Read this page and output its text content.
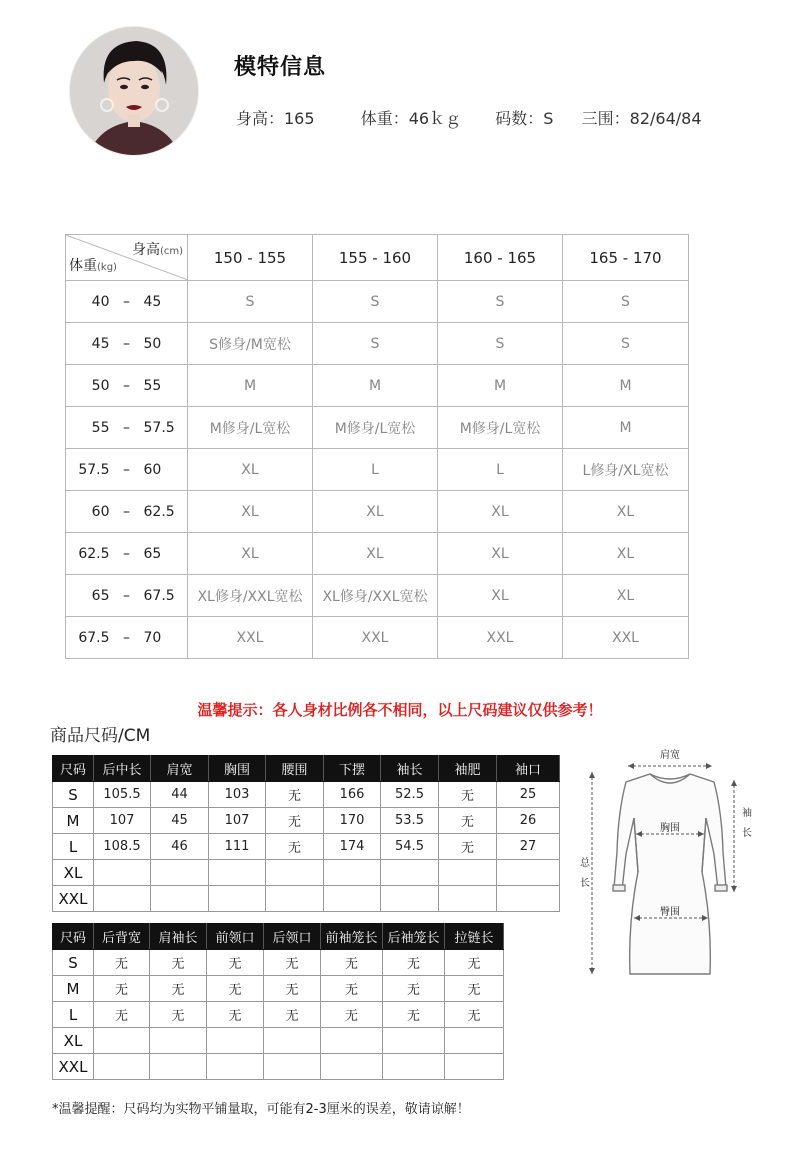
模特信息
身高：165	体重：46ｋｇ 码数：S 三围：82/64/84
身高(cm)
体重(kg)	150 - 155	155 - 160	160 - 165	165 - 170
40 – 45	S	S	S	S
45 – 50	S修身/M宽松	S	S	S
50 – 55	M	M	M	M
55 – 57.5	M修身/L宽松	M修身/L宽松	M修身/L宽松	M
57.5 – 60	XL	L	L	L修身/XL宽松
60 – 62.5	XL	XL	XL	XL
62.5 – 65	XL	XL	XL	XL
65 – 67.5	XL修身/XXL宽松	XL修身/XXL宽松	XL	XL
67.5 – 70	XXL	XXL	XXL	XXL
温馨提示：各人身材比例各不相同，以上尺码建议仅供参考！
商品尺码/CM
尺码	后中长	肩宽	胸围	腰围	下摆	袖长	袖肥	袖口
S	105.5	44	103	无	166	52.5	无	25
M	107	45	107	无	170	53.5	无	26
L	108.5	46	111	无	174	54.5	无	27
XL								
XXL								
肩宽
胸围
臀围
袖
长
总
长
尺码	后背宽	肩袖长	前领口	后领口	前袖笼长	后袖笼长	拉链长
S	无	无	无	无	无	无	无
M	无	无	无	无	无	无	无
L	无	无	无	无	无	无	无
XL							
XXL							
*温馨提醒：尺码均为实物平铺量取，可能有2-3厘米的误差，敬请谅解！
